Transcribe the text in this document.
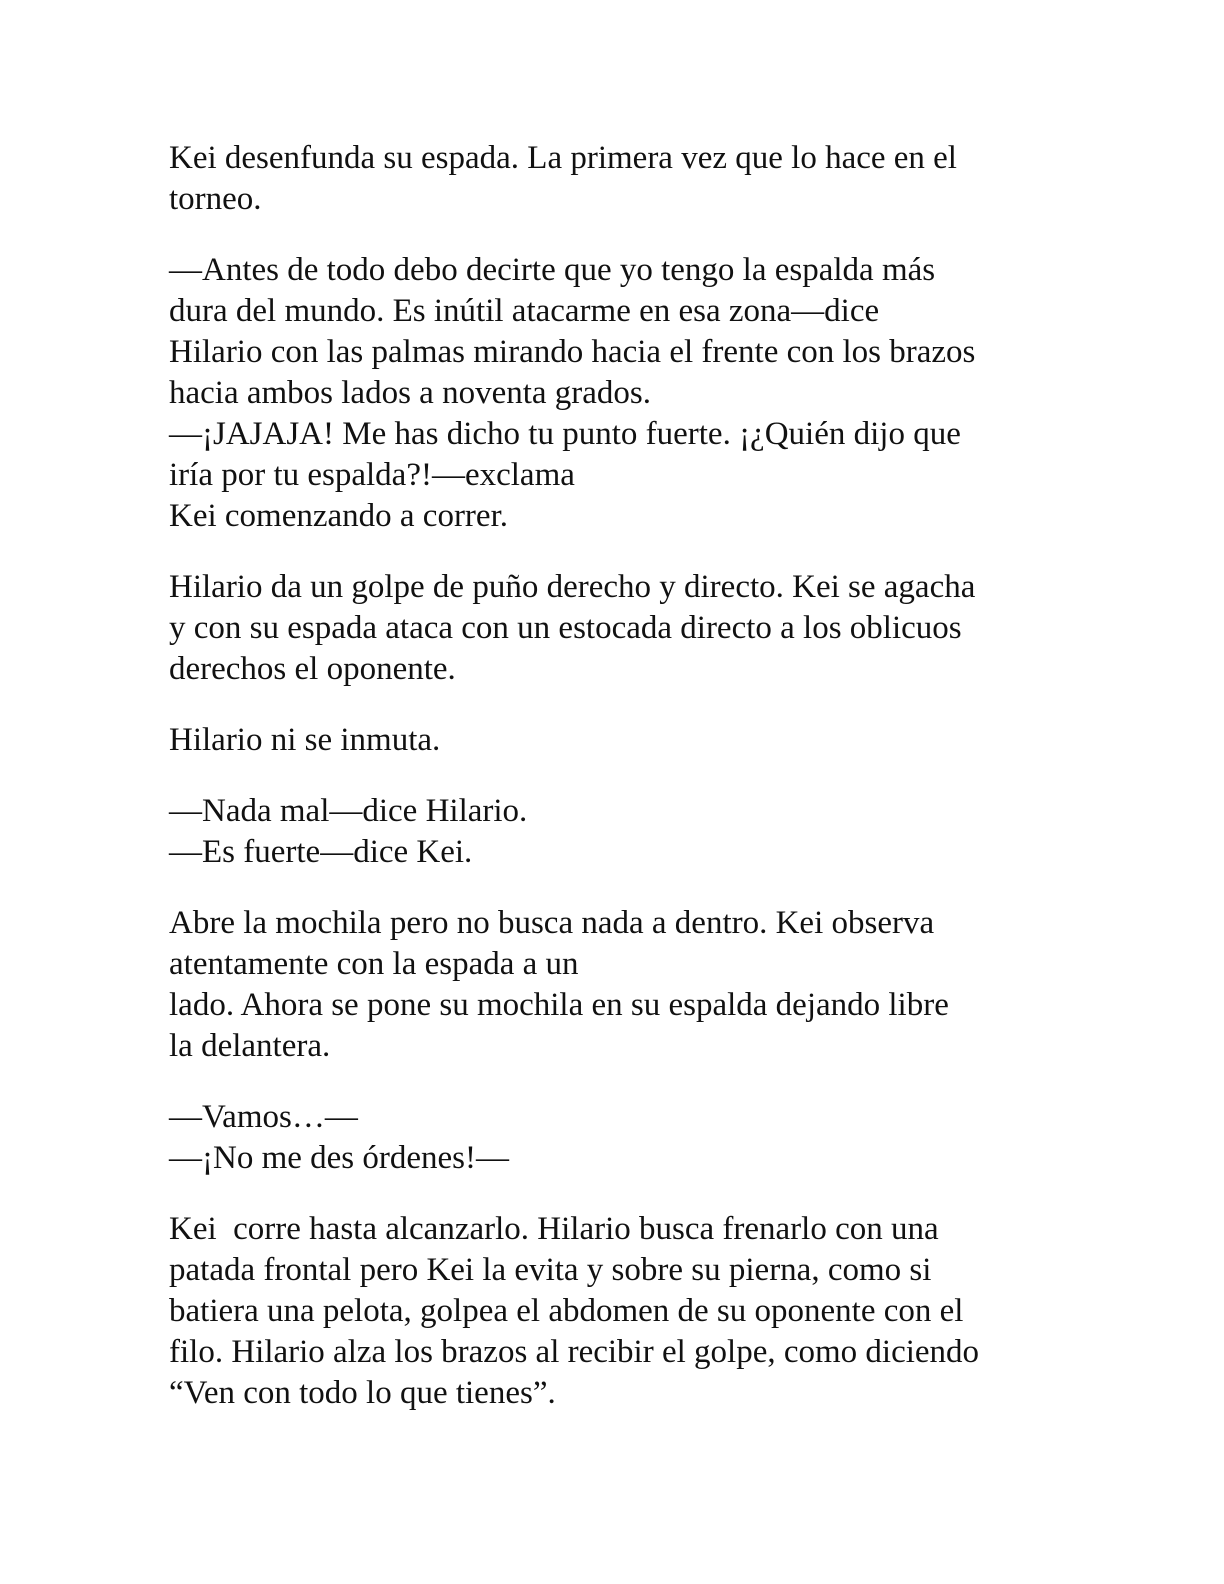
Kei desenfunda su espada. La primera vez que lo hace en el
torneo.
—Antes de todo debo decirte que yo tengo la espalda más
dura del mundo. Es inútil atacarme en esa zona—dice
Hilario con las palmas mirando hacia el frente con los brazos
hacia ambos lados a noventa grados.
—¡JAJAJA! Me has dicho tu punto fuerte. ¡¿Quién dijo que
iría por tu espalda?!—exclama
Kei comenzando a correr.
Hilario da un golpe de puño derecho y directo. Kei se agacha
y con su espada ataca con un estocada directo a los oblicuos
derechos el oponente.
Hilario ni se inmuta.
—Nada mal—dice Hilario.
—Es fuerte—dice Kei.
Abre la mochila pero no busca nada a dentro. Kei observa
atentamente con la espada a un
lado. Ahora se pone su mochila en su espalda dejando libre
la delantera.
—Vamos…—
—¡No me des órdenes!—
Kei  corre hasta alcanzarlo. Hilario busca frenarlo con una
patada frontal pero Kei la evita y sobre su pierna, como si
batiera una pelota, golpea el abdomen de su oponente con el
filo. Hilario alza los brazos al recibir el golpe, como diciendo
“Ven con todo lo que tienes”.
